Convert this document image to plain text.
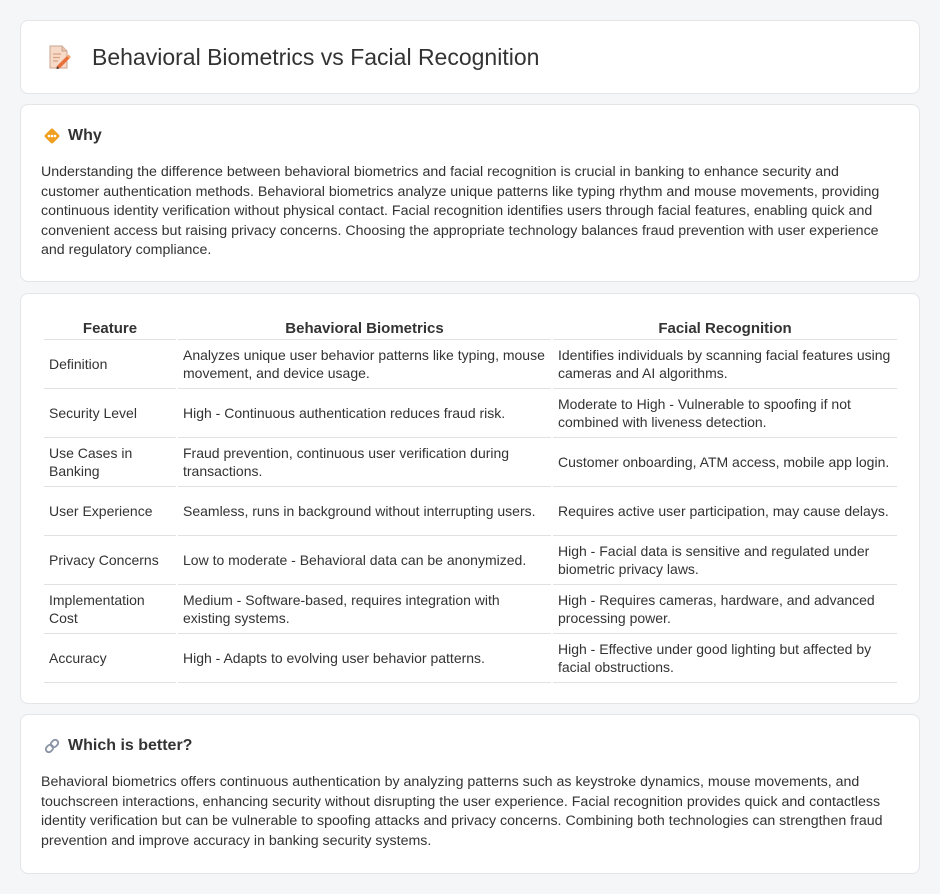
Behavioral Biometrics vs Facial Recognition
Why

Understanding the difference between behavioral biometrics and facial recognition is crucial in banking to enhance security and customer authentication methods. Behavioral biometrics analyze unique patterns like typing rhythm and mouse movements, providing continuous identity verification without physical contact. Facial recognition identifies users through facial features, enabling quick and convenient access but raising privacy concerns. Choosing the appropriate technology balances fraud prevention with user experience and regulatory compliance.

Feature	Behavioral Biometrics	Facial Recognition
Definition	Analyzes unique user behavior patterns like typing, mouse movement, and device usage.	Identifies individuals by scanning facial features using cameras and AI algorithms.
Security Level	High - Continuous authentication reduces fraud risk.	Moderate to High - Vulnerable to spoofing if not combined with liveness detection.
Use Cases in Banking	Fraud prevention, continuous user verification during transactions.	Customer onboarding, ATM access, mobile app login.
User Experience	Seamless, runs in background without interrupting users.	Requires active user participation, may cause delays.
Privacy Concerns	Low to moderate - Behavioral data can be anonymized.	High - Facial data is sensitive and regulated under biometric privacy laws.
Implementation Cost	Medium - Software-based, requires integration with existing systems.	High - Requires cameras, hardware, and advanced processing power.
Accuracy	High - Adapts to evolving user behavior patterns.	High - Effective under good lighting but affected by facial obstructions.
Which is better?

Behavioral biometrics offers continuous authentication by analyzing patterns such as keystroke dynamics, mouse movements, and touchscreen interactions, enhancing security without disrupting the user experience. Facial recognition provides quick and contactless identity verification but can be vulnerable to spoofing attacks and privacy concerns. Combining both technologies can strengthen fraud prevention and improve accuracy in banking security systems.
